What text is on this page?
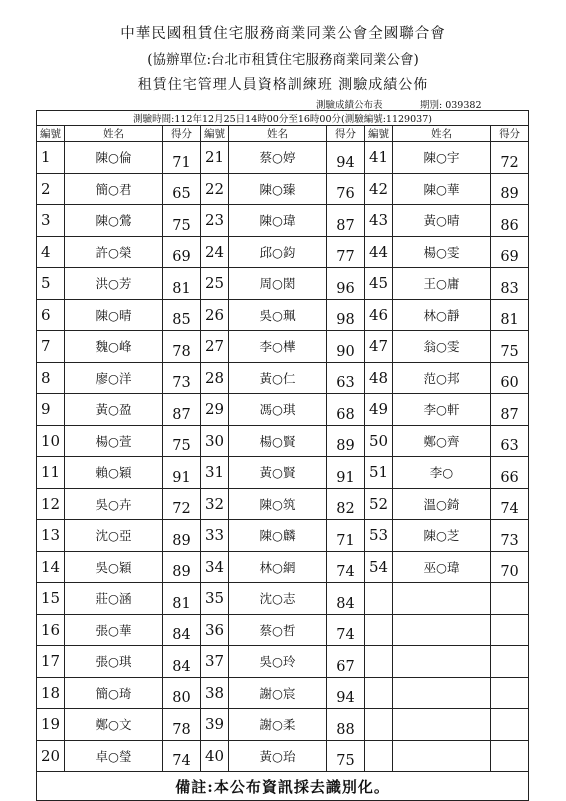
中華民國租賃住宅服務商業同業公會全國聯合會
(協辦單位:台北市租賃住宅服務商業同業公會)
租賃住宅管理人員資格訓練班 測驗成績公佈
測驗成績公布表	期別: 039382
測驗時間:112年12月25日14時00分至16時00分(測驗編號:1129037)								
編號	姓名	得分	編號	姓名	得分	編號	姓名	得分
1	陳○倫	71	21	蔡○婷	94	41	陳○宇	72
2	簡○君	65	22	陳○臻	76	42	陳○華	89
3	陳○鶯	75	23	陳○瑋	87	43	黃○晴	86
4	許○榮	69	24	邱○鈞	77	44	楊○雯	69
5	洪○芳	81	25	周○閎	96	45	王○庸	83
6	陳○晴	85	26	吳○珮	98	46	林○靜	81
7	魏○峰	78	27	李○樺	90	47	翁○雯	75
8	廖○洋	73	28	黃○仁	63	48	范○邦	60
9	黃○盈	87	29	馮○琪	68	49	李○軒	87
10	楊○萱	75	30	楊○賢	89	50	鄭○齊	63
11	賴○穎	91	31	黃○賢	91	51	李○	66
12	吳○卉	72	32	陳○筑	82	52	溫○錡	74
13	沈○亞	89	33	陳○麟	71	53	陳○芝	73
14	吳○穎	89	34	林○網	74	54	巫○瑋	70
15	莊○涵	81	35	沈○志	84			
16	張○華	84	36	蔡○哲	74			
17	張○琪	84	37	吳○玲	67			
18	簡○琦	80	38	謝○宸	94			
19	鄭○文	78	39	謝○柔	88			
20	卓○瑩	74	40	黃○珆	75			
備註:本公布資訊採去識別化。								
